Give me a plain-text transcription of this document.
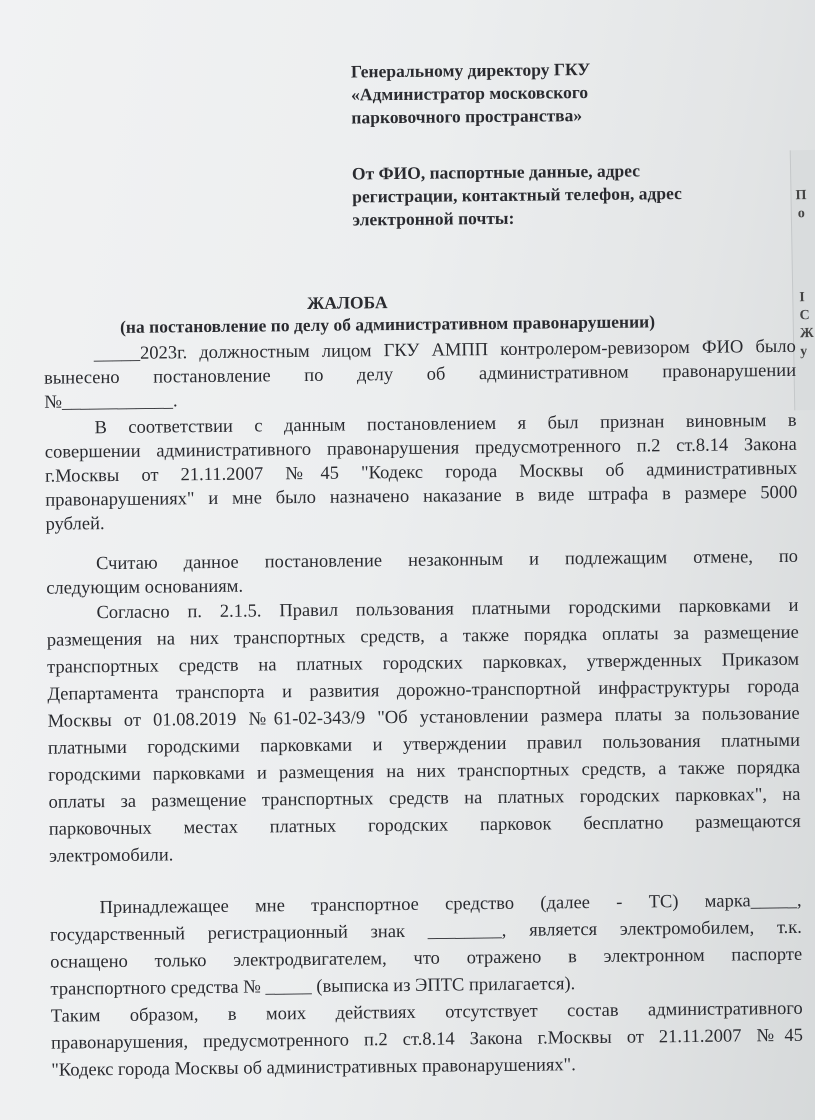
П
о
I
С
Ж
у
Генеральному директору ГКУ
«Администратор московского
парковочного пространства»
От ФИО, паспортные данные, адрес
регистрации, контактный телефон, адрес
электронной почты:
ЖАЛОБА
(на постановление по делу об административном правонарушении)
_____2023г. должностным лицом ГКУ АМПП контролером-ревизором ФИО было
вынесено постановление по делу об административном правонарушении
№____________.
В соответствии с данным постановлением я был признан виновным в
совершении административного правонарушения предусмотренного п.2 ст.8.14 Закона
г.Москвы от 21.11.2007 №45 "Кодекс города Москвы об административных
правонарушениях" и мне было назначено наказание в виде штрафа в размере 5000
рублей.
Считаю данное постановление незаконным и подлежащим отмене, по
следующим основаниям.
Согласно п. 2.1.5. Правил пользования платными городскими парковками и
размещения на них транспортных средств, а также порядка оплаты за размещение
транспортных средств на платных городских парковках, утвержденных Приказом
Департамента транспорта и развития дорожно-транспортной инфраструктуры города
Москвы от 01.08.2019 №61-02-343/9 "Об установлении размера платы за пользование
платными городскими парковками и утверждении правил пользования платными
городскими парковками и размещения на них транспортных средств, а также порядка
оплаты за размещение транспортных средств на платных городских парковках", на
парковочных местах платных городских парковок бесплатно размещаются
электромобили.
Принадлежащее мне транспортное средство (далее - ТС) марка_____,
государственный регистрационный знак ________, является электромобилем, т.к.
оснащено только электродвигателем, что отражено в электронном паспорте
транспортного средства № _____ (выписка из ЭПТС прилагается).
Таким образом, в моих действиях отсутствует состав административного
правонарушения, предусмотренного п.2 ст.8.14 Закона г.Москвы от 21.11.2007 №45
"Кодекс города Москвы об административных правонарушениях".
